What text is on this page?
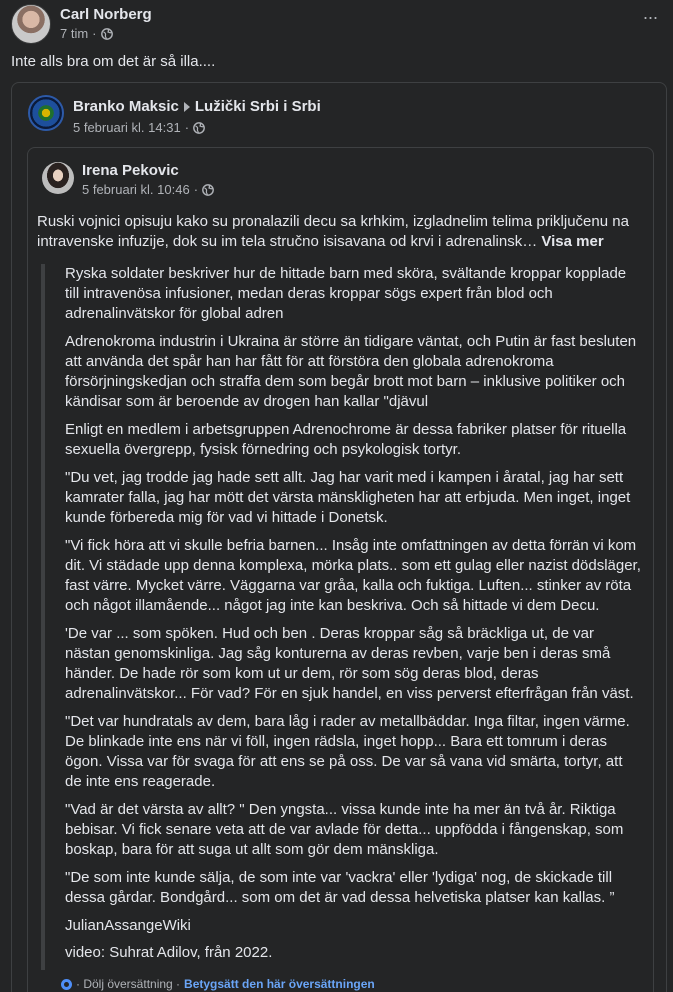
Carl Norberg
7 tim ·
···
Inte alls bra om det är så illa....
Branko Maksic Lužički Srbi i Srbi
5 februari kl. 14:31 ·
Irena Pekovic
5 februari kl. 10:46 ·
Ruski vojnici opisuju kako su pronalazili decu sa krhkim, izgladnelim telima priključenu na intravenske infuzije, dok su im tela stručno isisavana od krvi i adrenalinsk… Visa mer

Ryska soldater beskriver hur de hittade barn med sköra, svältande kroppar kopplade till intravenösa infusioner, medan deras kroppar sögs expert från blod och adrenalinvätskor för global adren

Adrenokroma industrin i Ukraina är större än tidigare väntat, och Putin är fast besluten att använda det spår han har fått för att förstöra den globala adrenokroma försörjningskedjan och straffa dem som begår brott mot barn – inklusive politiker och kändisar som är beroende av drogen han kallar "djävul

Enligt en medlem i arbetsgruppen Adrenochrome är dessa fabriker platser för rituella sexuella övergrepp, fysisk förnedring och psykologisk tortyr.

"Du vet, jag trodde jag hade sett allt. Jag har varit med i kampen i åratal, jag har sett kamrater falla, jag har mött det värsta mänskligheten har att erbjuda. Men inget, inget kunde förbereda mig för vad vi hittade i Donetsk.

"Vi fick höra att vi skulle befria barnen... Insåg inte omfattningen av detta förrän vi kom dit. Vi städade upp denna komplexa, mörka plats.. som ett gulag eller nazist dödsläger, fast värre. Mycket värre. Väggarna var gråa, kalla och fuktiga. Luften... stinker av röta och något illamående... något jag inte kan beskriva. Och så hittade vi dem Decu.

'De var ... som spöken. Hud och ben . Deras kroppar såg så bräckliga ut, de var nästan genomskinliga. Jag såg konturerna av deras revben, varje ben i deras små händer. De hade rör som kom ut ur dem, rör som sög deras blod, deras adrenalinvätskor... För vad? För en sjuk handel, en viss perverst efterfrågan från väst.

"Det var hundratals av dem, bara låg i rader av metallbäddar. Inga filtar, ingen värme. De blinkade inte ens när vi föll, ingen rädsla, inget hopp... Bara ett tomrum i deras ögon. Vissa var för svaga för att ens se på oss. De var så vana vid smärta, tortyr, att de inte ens reagerade.

"Vad är det värsta av allt? " Den yngsta... vissa kunde inte ha mer än två år. Riktiga bebisar. Vi fick senare veta att de var avlade för detta... uppfödda i fångenskap, som boskap, bara för att suga ut allt som gör dem mänskliga.

"De som inte kunde sälja, de som inte var 'vackra' eller 'lydiga' nog, de skickade till dessa gårdar. Bondgård... som om det är vad dessa helvetiska platser kan kallas. ”

JulianAssangeWiki

video: Suhrat Adilov, från 2022.

· Dölj översättning · Betygsätt den här översättningen
